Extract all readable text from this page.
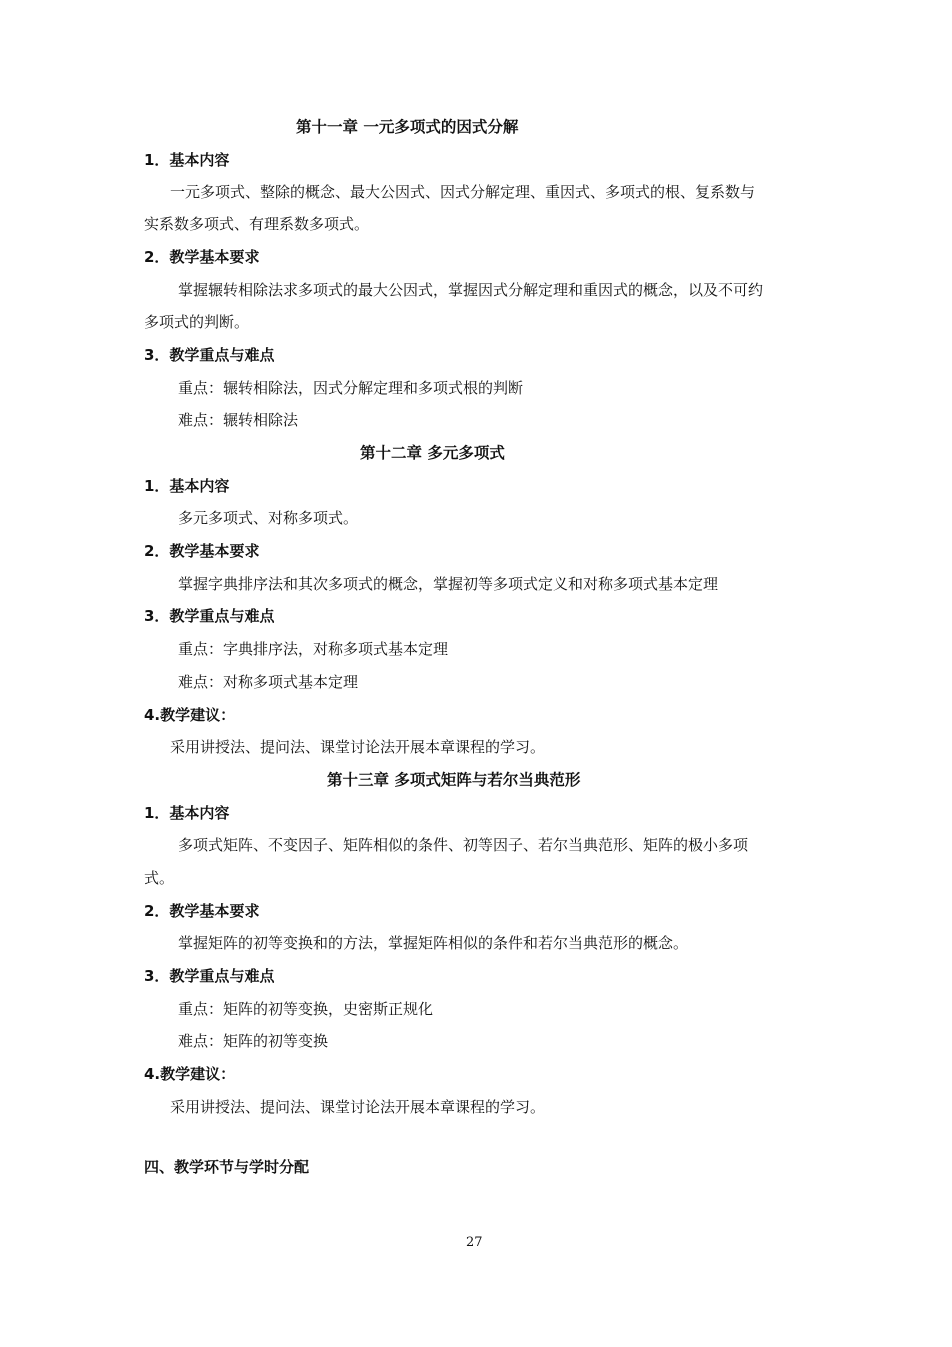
第十一章 一元多项式的因式分解
1．基本内容
一元多项式、整除的概念、最大公因式、因式分解定理、重因式、多项式的根、复系数与
实系数多项式、有理系数多项式。
2．教学基本要求
掌握辗转相除法求多项式的最大公因式，掌握因式分解定理和重因式的概念，以及不可约
多项式的判断。
3．教学重点与难点
重点：辗转相除法，因式分解定理和多项式根的判断
难点：辗转相除法
第十二章 多元多项式
1．基本内容
多元多项式、对称多项式。
2．教学基本要求
掌握字典排序法和其次多项式的概念，掌握初等多项式定义和对称多项式基本定理
3．教学重点与难点
重点：字典排序法，对称多项式基本定理
难点：对称多项式基本定理
4.教学建议：
采用讲授法、提问法、课堂讨论法开展本章课程的学习。
第十三章 多项式矩阵与若尔当典范形
1．基本内容
多项式矩阵、不变因子、矩阵相似的条件、初等因子、若尔当典范形、矩阵的极小多项
式。
2．教学基本要求
掌握矩阵的初等变换和的方法，掌握矩阵相似的条件和若尔当典范形的概念。
3．教学重点与难点
重点：矩阵的初等变换，史密斯正规化
难点：矩阵的初等变换
4.教学建议：
采用讲授法、提问法、课堂讨论法开展本章课程的学习。
四、教学环节与学时分配
27
